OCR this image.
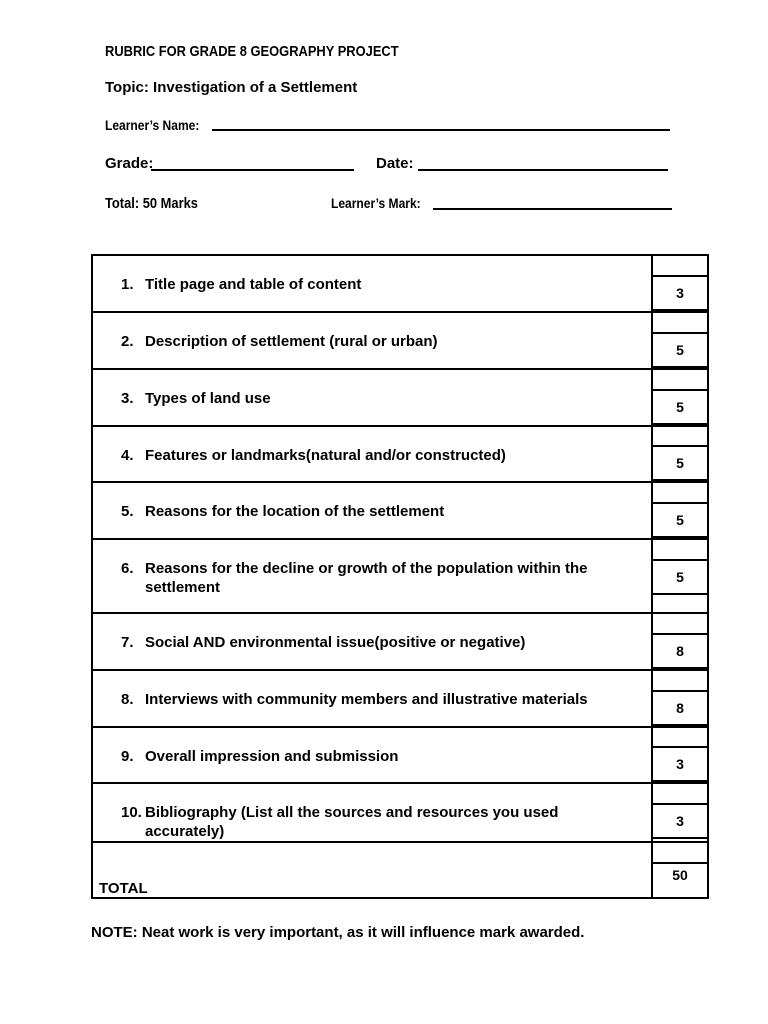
RUBRIC FOR GRADE 8 GEOGRAPHY PROJECT
Topic: Investigation of a Settlement
Learner’s Name:
Grade:	Date:
Total: 50 Marks	Learner’s Mark:
1. Title page and table of content	3

2. Description of settlement (rural or urban)	5

3. Types of land use	5

4. Features or landmarks(natural and/or constructed)	5

5. Reasons for the location of the settlement	5

6. Reasons for the decline or growth of the population within the settlement	5

7. Social AND environmental issue(positive or negative)	8

8. Interviews with community members and illustrative materials	8

9. Overall impression and submission	3

10. Bibliography (List all the sources and resources you used accurately)	3

TOTAL	50
NOTE: Neat work is very important, as it will influence mark awarded.
